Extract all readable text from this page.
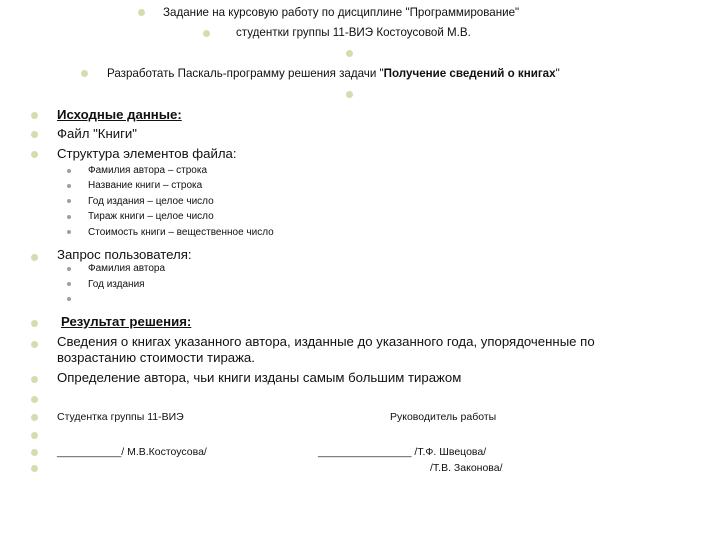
Задание на курсовую работу по дисциплине "Программирование"
студентки группы 11-ВИЭ Костоусовой М.В.
Разработать Паскаль-программу решения задачи "Получение сведений о книгах"
Исходные данные:
Файл "Книги"
Структура элементов файла:
Фамилия автора – строка
Название книги – строка
Год издания – целое число
Тираж книги – целое число
Стоимость книги – вещественное число
Запрос пользователя:
Фамилия автора
Год издания
Результат решения:
Сведения о книгах указанного автора, изданные до указанного года, упорядоченные по
возрастанию стоимости тиража.
Определение автора, чьи книги изданы самым большим тиражом
Студентка группы 11-ВИЭ	Руководитель работы
___________/ М.В.Костоусова/	________________ /Т.Ф. Швецова/
/Т.В. Законова/
